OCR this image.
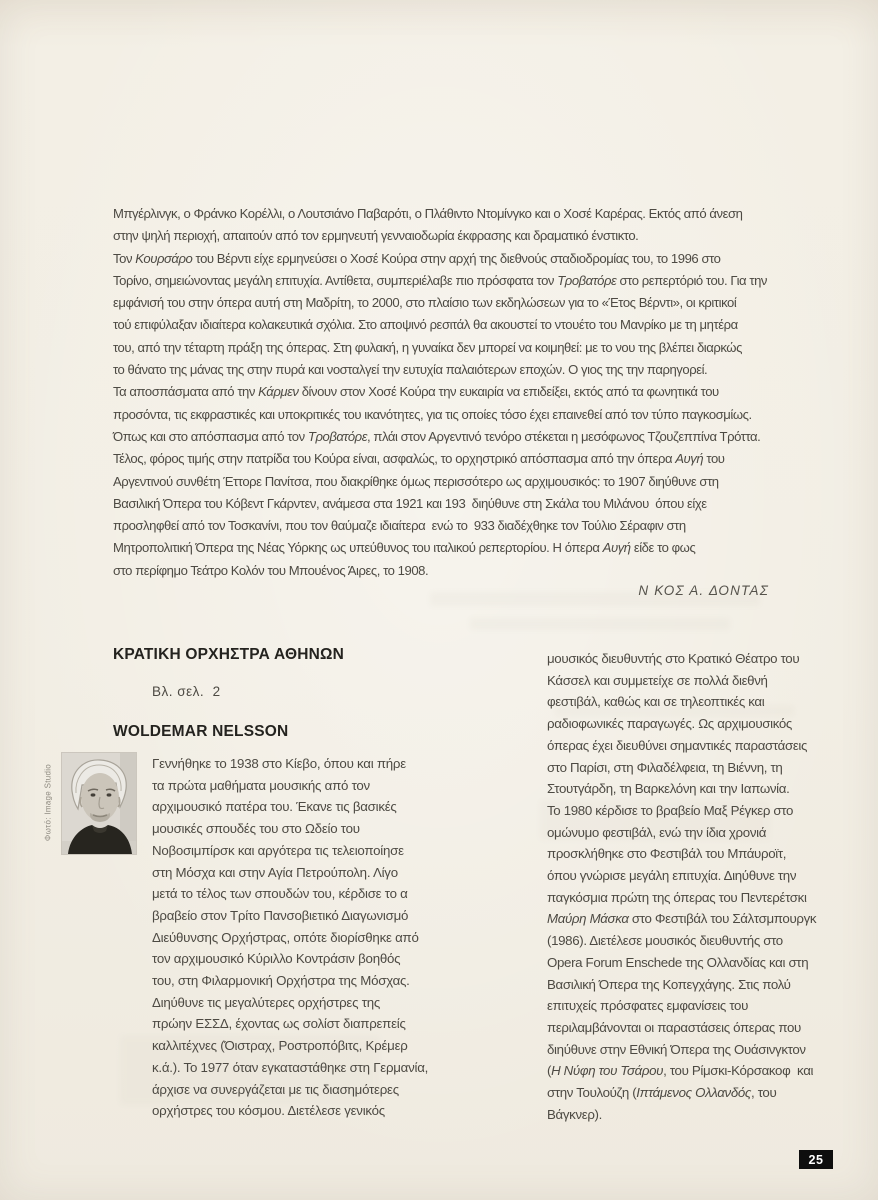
Μπγέρλινγκ, ο Φράνκο Κορέλλι, ο Λουτσιάνο Παβαρότι, ο Πλάθιντο Ντομίνγκο και ο Χοσέ Καρέρας. Εκτός από άνεση
στην ψηλή περιοχή, απαιτούν από τον ερμηνευτή γενναιοδωρία έκφρασης και δραματικό ένστικτο.
Τον Κουρσάρο του Βέρντι είχε ερμηνεύσει ο Χοσέ Κούρα στην αρχή της διεθνούς σταδιοδρομίας του, το 1996 στο
Τορίνο, σημειώνοντας μεγάλη επιτυχία. Αντίθετα, συμπεριέλαβε πιο πρόσφατα τον Τροβατόρε στο ρεπερτόριό του. Για την
εμφάνισή του στην όπερα αυτή στη Μαδρίτη, το 2000, στο πλαίσιο των εκδηλώσεων για το «Έτος Βέρντι», οι κριτικοί
τού επιφύλαξαν ιδιαίτερα κολακευτικά σχόλια. Στο αποψινό ρεσιτάλ θα ακουστεί το ντουέτο του Μανρίκο με τη μητέρα
του, από την τέταρτη πράξη της όπερας. Στη φυλακή, η γυναίκα δεν μπορεί να κοιμηθεί: με το νου της βλέπει διαρκώς
το θάνατο της μάνας της στην πυρά και νοσταλγεί την ευτυχία παλαιότερων εποχών. Ο γιος της την παρηγορεί.
Τα αποσπάσματα από την Κάρμεν δίνουν στον Χοσέ Κούρα την ευκαιρία να επιδείξει, εκτός από τα φωνητικά του
προσόντα, τις εκφραστικές και υποκριτικές του ικανότητες, για τις οποίες τόσο έχει επαινεθεί από τον τύπο παγκοσμίως.
Όπως και στο απόσπασμα από τον Τροβατόρε, πλάι στον Αργεντινό τενόρο στέκεται η μεσόφωνος Τζουζεππίνα Τρόττα.
Τέλος, φόρος τιμής στην πατρίδα του Κούρα είναι, ασφαλώς, το ορχηστρικό απόσπασμα από την όπερα Αυγή του
Αργεντινού συνθέτη Έττορε Πανίτσα, που διακρίθηκε όμως περισσότερο ως αρχιμουσικός: το 1907 διηύθυνε στη
Βασιλική Όπερα του Κόβεντ Γκάρντεν, ανάμεσα στα 1921 και 193  διηύθυνε στη Σκάλα του Μιλάνου  όπου είχε
προσληφθεί από τον Τοσκανίνι, που τον θαύμαζε ιδιαίτερα  ενώ το  933 διαδέχθηκε τον Τούλιο Σέραφιν στη
Μητροπολιτική Όπερα της Νέας Υόρκης ως υπεύθυνος του ιταλικού ρεπερτορίου. Η όπερα Αυγή είδε το φως
στο περίφημο Τεάτρο Κολόν του Μπουένος Άιρες, το 1908.
Ν ΚΟΣ Α. ΔΟΝΤΑΣ
ΚΡΑΤΙΚΗ ΟΡΧΗΣΤΡΑ ΑΘΗΝΩΝ
Βλ. σελ.  2
WOLDEMAR NELSSON
Φωτό: Image Studio
Γεννήθηκε το 1938 στο Κίεβο, όπου και πήρε
τα πρώτα μαθήματα μουσικής από τον
αρχιμουσικό πατέρα του. Έκανε τις βασικές
μουσικές σπουδές του στο Ωδείο του
Νοβοσιμπίρσκ και αργότερα τις τελειοποίησε
στη Μόσχα και στην Αγία Πετρούπολη. Λίγο
μετά το τέλος των σπουδών του, κέρδισε το α
βραβείο στον Τρίτο Πανσοβιετικό Διαγωνισμό
Διεύθυνσης Ορχήστρας, οπότε διορίσθηκε από
τον αρχιμουσικό Κύριλλο Κοντράσιν βοηθός
του, στη Φιλαρμονική Ορχήστρα της Μόσχας.
Διηύθυνε τις μεγαλύτερες ορχήστρες της
πρώην ΕΣΣΔ, έχοντας ως σολίστ διαπρεπείς
καλλιτέχνες (Όιστραχ, Ροστροπόβιτς, Κρέμερ
κ.ά.). Το 1977 όταν εγκαταστάθηκε στη Γερμανία,
άρχισε να συνεργάζεται με τις διασημότερες
ορχήστρες του κόσμου. Διετέλεσε γενικός
μουσικός διευθυντής στο Κρατικό Θέατρο του
Κάσσελ και συμμετείχε σε πολλά διεθνή
φεστιβάλ, καθώς και σε τηλεοπτικές και
ραδιοφωνικές παραγωγές. Ως αρχιμουσικός
όπερας έχει διευθύνει σημαντικές παραστάσεις
στο Παρίσι, στη Φιλαδέλφεια, τη Βιέννη, τη
Στουτγάρδη, τη Βαρκελόνη και την Ιαπωνία.
Το 1980 κέρδισε το βραβείο Μαξ Ρέγκερ στο
ομώνυμο φεστιβάλ, ενώ την ίδια χρονιά
προσκλήθηκε στο Φεστιβάλ του Μπάυροϊτ,
όπου γνώρισε μεγάλη επιτυχία. Διηύθυνε την
παγκόσμια πρώτη της όπερας του Πεντερέτσκι
Μαύρη Μάσκα στο Φεστιβάλ του Σάλτσμπουργκ
(1986). Διετέλεσε μουσικός διευθυντής στο
Opera Forum Enschede της Ολλανδίας και στη
Βασιλική Όπερα της Κοπεγχάγης. Στις πολύ
επιτυχείς πρόσφατες εμφανίσεις του
περιλαμβάνονται οι παραστάσεις όπερας που
διηύθυνε στην Εθνική Όπερα της Ουάσινγκτον
(Η Νύφη του Τσάρου, του Ρίμσκι-Κόρσακοφ  και
στην Τουλούζη (Ιπτάμενος Ολλανδός, του
Βάγκνερ).
25
